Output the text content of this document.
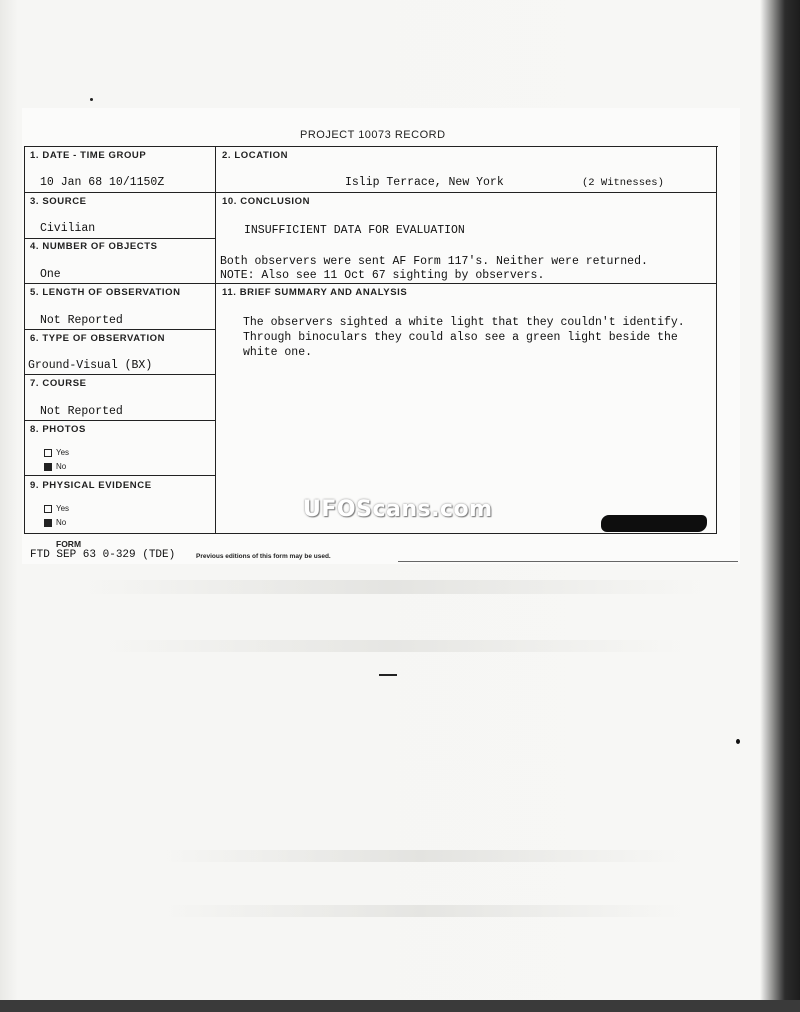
PROJECT 10073 RECORD
1. DATE - TIME GROUP
10 Jan 68 10/1150Z
2. LOCATION
Islip Terrace, New York	(2 Witnesses)
3. SOURCE
Civilian
4. NUMBER OF OBJECTS
One
10. CONCLUSION
INSUFFICIENT DATA FOR EVALUATION
Both observers were sent AF Form 117's. Neither were returned.
NOTE: Also see 11 Oct 67 sighting by observers.
5. LENGTH OF OBSERVATION
Not Reported
11. BRIEF SUMMARY AND ANALYSIS
The observers sighted a white light that they couldn't identify.
Through binoculars they could also see a green light beside the
white one.
6. TYPE OF OBSERVATION
Ground-Visual (BX)
7. COURSE
Not Reported
8. PHOTOS
Yes
No
9. PHYSICAL EVIDENCE
Yes
No
FORM
FTD SEP 63 0-329 (TDE)	Previous editions of this form may be used.
UFOScans.com
